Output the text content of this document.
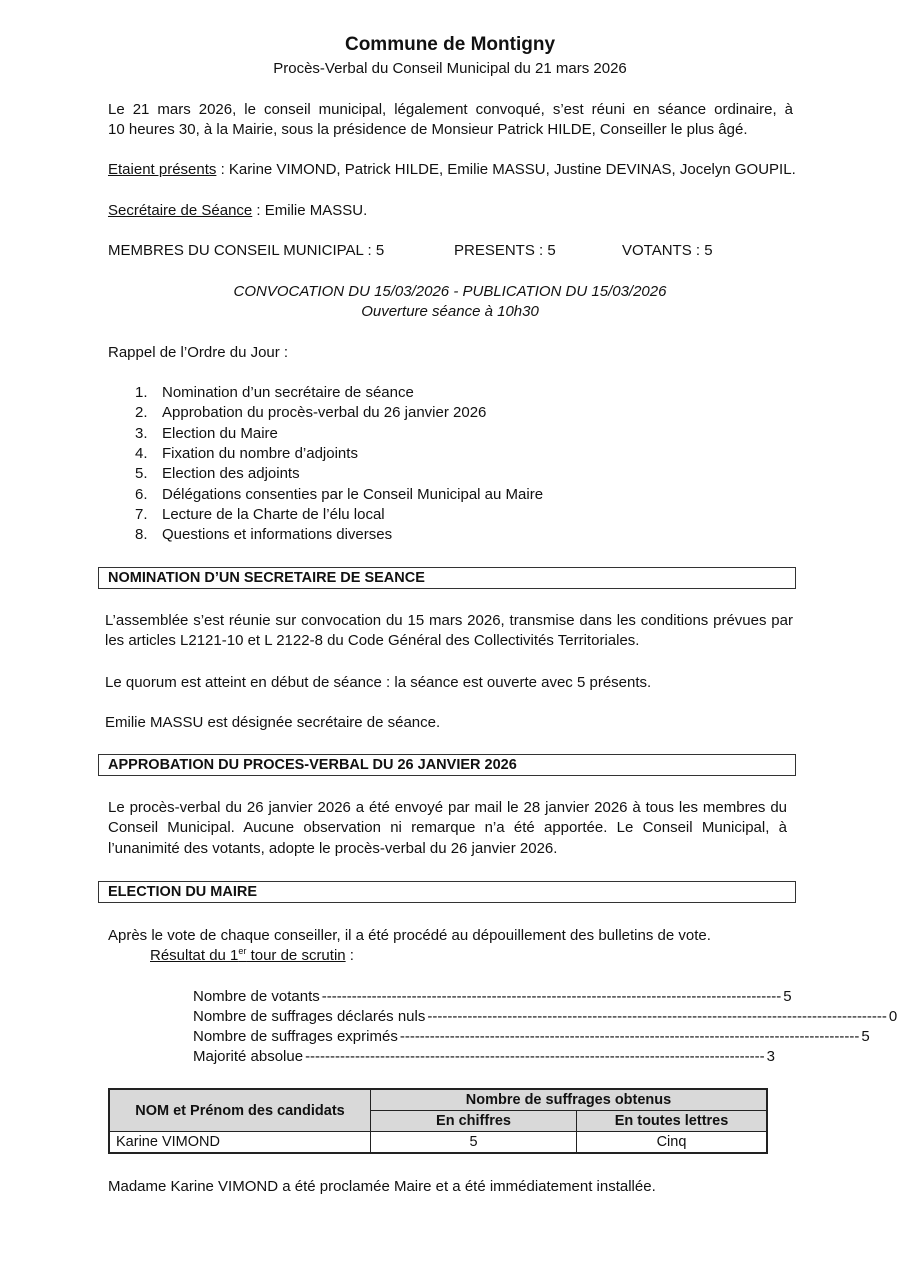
Commune de Montigny
Procès-Verbal du Conseil Municipal du 21 mars 2026
Le 21 mars 2026, le conseil municipal, légalement convoqué, s’est réuni en séance ordinaire, à
10 heures 30, à la Mairie, sous la présidence de Monsieur Patrick HILDE, Conseiller le plus âgé.
Etaient présents : Karine VIMOND, Patrick HILDE, Emilie MASSU, Justine DEVINAS, Jocelyn GOUPIL.
Secrétaire de Séance : Emilie MASSU.
MEMBRES DU CONSEIL MUNICIPAL : 5	PRESENTS : 5	VOTANTS : 5
CONVOCATION DU 15/03/2026 - PUBLICATION DU 15/03/2026
Ouverture séance à 10h30
Rappel de l’Ordre du Jour :
1. Nomination d’un secrétaire de séance
2. Approbation du procès-verbal du 26 janvier 2026
3. Election du Maire
4. Fixation du nombre d’adjoints
5. Election des adjoints
6. Délégations consenties par le Conseil Municipal au Maire
7. Lecture de la Charte de l’élu local
8. Questions et informations diverses
NOMINATION D’UN SECRETAIRE DE SEANCE
L’assemblée s’est réunie sur convocation du 15 mars 2026, transmise dans les conditions prévues par
les articles L2121-10 et L 2122-8 du Code Général des Collectivités Territoriales.
Le quorum est atteint en début de séance : la séance est ouverte avec 5 présents.
Emilie MASSU est désignée secrétaire de séance.
APPROBATION DU PROCES-VERBAL DU 26 JANVIER 2026
Le procès-verbal du 26 janvier 2026 a été envoyé par mail le 28 janvier 2026 à tous les membres du
Conseil Municipal. Aucune observation ni remarque n’a été apportée. Le Conseil Municipal, à
l’unanimité des votants, adopte le procès-verbal du 26 janvier 2026.
ELECTION DU MAIRE
Après le vote de chaque conseiller, il a été procédé au dépouillement des bulletins de vote.
Résultat du 1er tour de scrutin :
Nombre de votants -------------------------------------------------------------------------------------------- 5
Nombre de suffrages déclarés nuls -------------------------------------------------------------------------------------------- 0
Nombre de suffrages exprimés -------------------------------------------------------------------------------------------- 5
Majorité absolue -------------------------------------------------------------------------------------------- 3
NOM et Prénom des candidats	Nombre de suffrages obtenus	
	En chiffres	En toutes lettres
Karine VIMOND	5	Cinq
Madame Karine VIMOND a été proclamée Maire et a été immédiatement installée.
